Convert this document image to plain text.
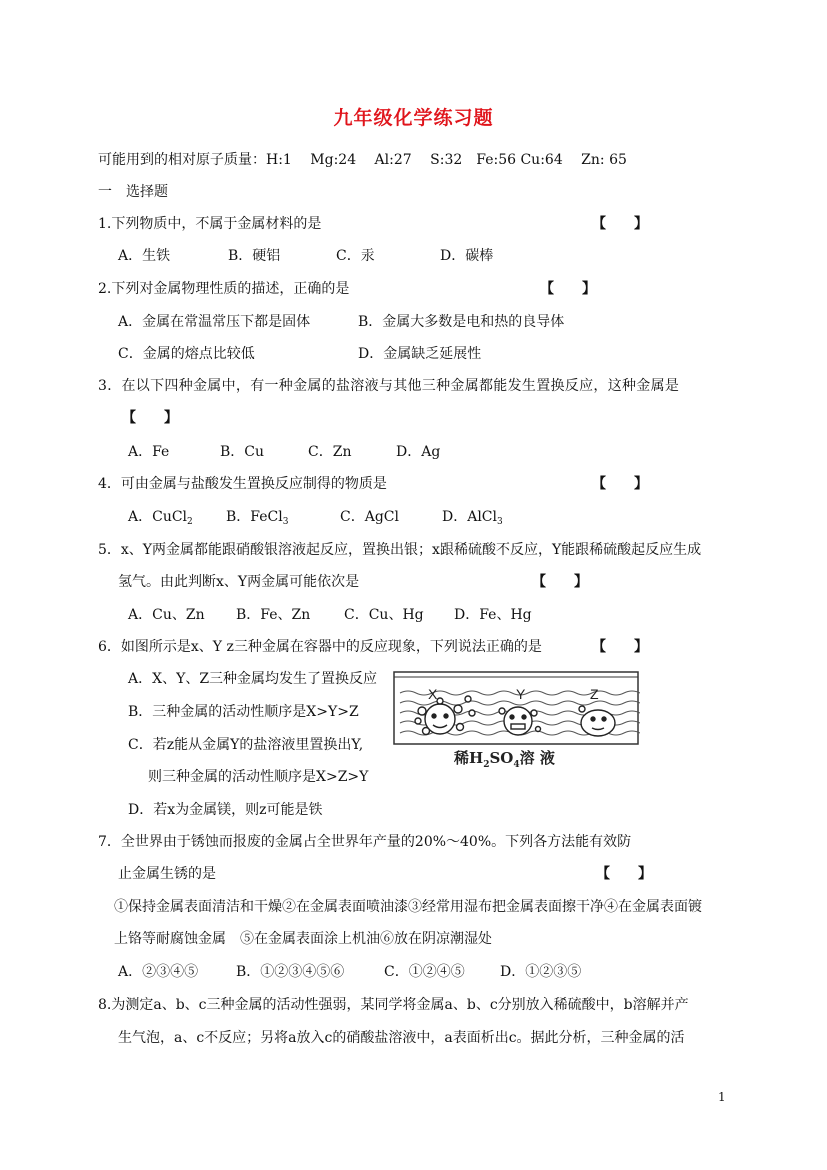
九年级化学练习题
可能用到的相对原子质量：H:1　 Mg:24　 Al:27　 S:32　Fe:56 Cu:64　 Zn: 65
一　选择题
1.下列物质中，不属于金属材料的是	【　　】
A．生铁	B．硬铝	C．汞	D．碳棒
2.下列对金属物理性质的描述，正确的是	【　　】
A．金属在常温常压下都是固体	B．金属大多数是电和热的良导体
C．金属的熔点比较低	D．金属缺乏延展性
3．在以下四种金属中，有一种金属的盐溶液与其他三种金属都能发生置换反应，这种金属是
【　　】
A．Fe	B．Cu	C．Zn	D．Ag
4．可由金属与盐酸发生置换反应制得的物质是	【　　】
A．CuCl$_2$ B．FeCl$_3$	C．AgCl	D．AlCl$_3$
5．x、Y两金属都能跟硝酸银溶液起反应，置换出银；x跟稀硫酸不反应，Y能跟稀硫酸起反应生成
氢气。由此判断x、Y两金属可能依次是	【　　】
A．Cu、Zn B．Fe、Zn C．Cu、Hg D．Fe、Hg
6．如图所示是x、Y z三种金属在容器中的反应现象，下列说法正确的是	【　　】
A．X、Y、Z三种金属均发生了置换反应
B．三种金属的活动性顺序是X>Y>Z
C．若z能从金属Y的盐溶液里置换出Y,
则三种金属的活动性顺序是X>Z>Y
D．若x为金属镁，则z可能是铁
X	Y	Z
稀$H_2SO_4$溶 液
7．全世界由于锈蚀而报废的金属占全世界年产量的20%～40%。下列各方法能有效防
止金属生锈的是	【　　】
①保持金属表面清洁和干燥②在金属表面喷油漆③经常用湿布把金属表面擦干净④在金属表面镀
上铬等耐腐蚀金属　⑤在金属表面涂上机油⑥放在阴凉潮湿处
A．②③④⑤	B．①②③④⑤⑥	C．①②④⑤	D．①②③⑤
8.为测定a、b、c三种金属的活动性强弱，某同学将金属a、b、c分别放入稀硫酸中，b溶解并产
生气泡，a、c不反应；另将a放入c的硝酸盐溶液中，a表面析出c。据此分析，三种金属的活
1
